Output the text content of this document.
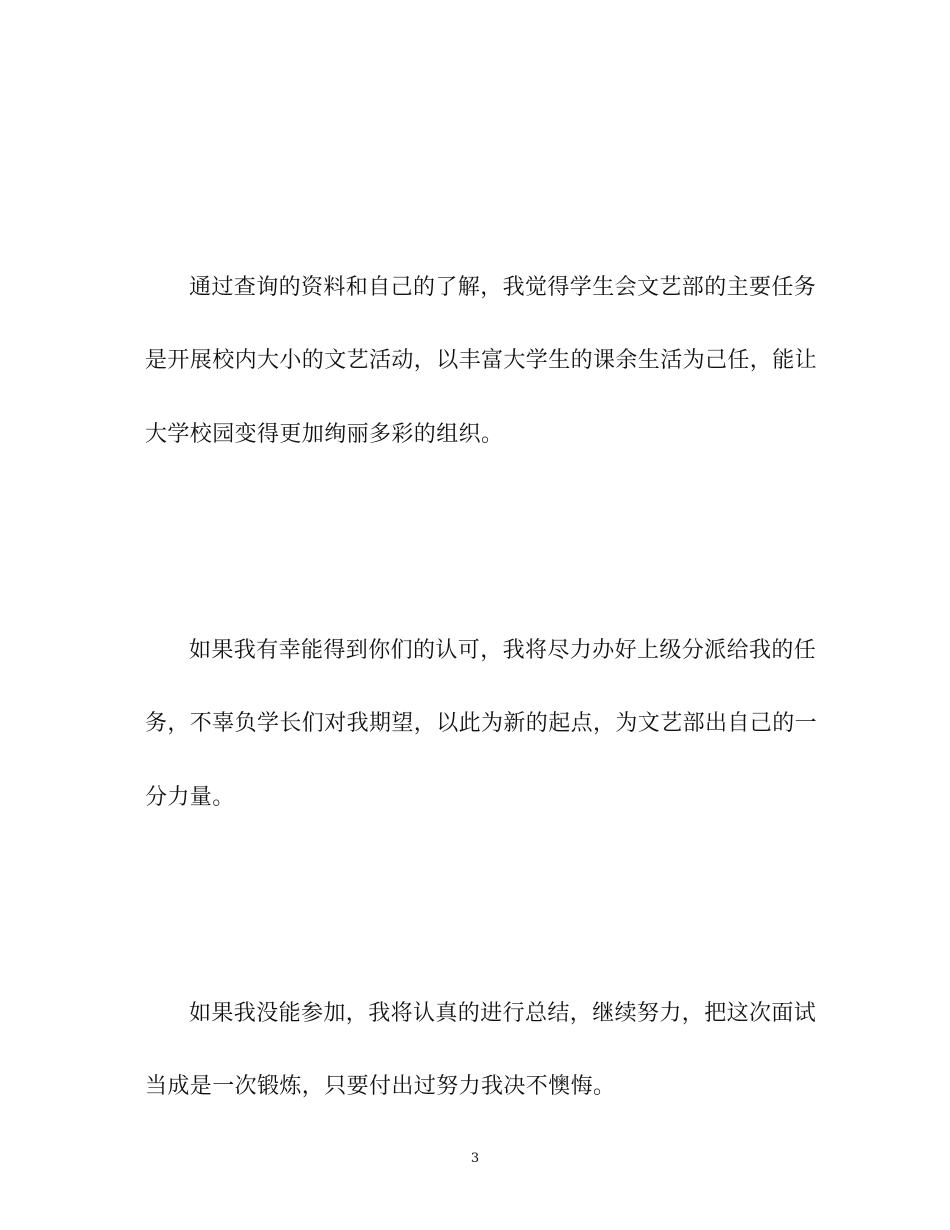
通过查询的资料和自己的了解，我觉得学生会文艺部的主要任务
是开展校内大小的文艺活动，以丰富大学生的课余生活为己任，能让
大学校园变得更加绚丽多彩的组织。
如果我有幸能得到你们的认可，我将尽力办好上级分派给我的任
务，不辜负学长们对我期望，以此为新的起点，为文艺部出自己的一
分力量。
如果我没能参加，我将认真的进行总结，继续努力，把这次面试
当成是一次锻炼，只要付出过努力我决不懊悔。
3
